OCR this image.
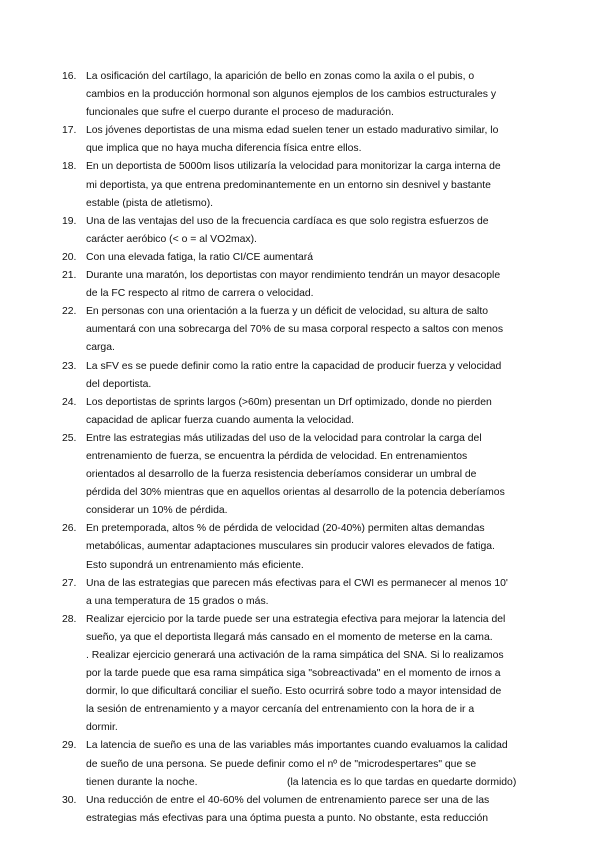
16. La osificación del cartílago, la aparición de bello en zonas como la axila o el pubis, o
cambios en la producción hormonal son algunos ejemplos de los cambios estructurales y
funcionales que sufre el cuerpo durante el proceso de maduración.
17. Los jóvenes deportistas de una misma edad suelen tener un estado madurativo similar, lo
que implica que no haya mucha diferencia física entre ellos.
18. En un deportista de 5000m lisos utilizaría la velocidad para monitorizar la carga interna de
mi deportista, ya que entrena predominantemente en un entorno sin desnivel y bastante
estable (pista de atletismo).
19. Una de las ventajas del uso de la frecuencia cardíaca es que solo registra esfuerzos de
carácter aeróbico (< o = al VO2max).
20. Con una elevada fatiga, la ratio CI/CE aumentará
21. Durante una maratón, los deportistas con mayor rendimiento tendrán un mayor desacople
de la FC respecto al ritmo de carrera o velocidad.
22. En personas con una orientación a la fuerza y un déficit de velocidad, su altura de salto
aumentará con una sobrecarga del 70% de su masa corporal respecto a saltos con menos
carga.
23. La sFV es se puede definir como la ratio entre la capacidad de producir fuerza y velocidad
del deportista.
24. Los deportistas de sprints largos (>60m) presentan un Drf optimizado, donde no pierden
capacidad de aplicar fuerza cuando aumenta la velocidad.
25. Entre las estrategias más utilizadas del uso de la velocidad para controlar la carga del
entrenamiento de fuerza, se encuentra la pérdida de velocidad. En entrenamientos
orientados al desarrollo de la fuerza resistencia deberíamos considerar un umbral de
pérdida del 30% mientras que en aquellos orientas al desarrollo de la potencia deberíamos
considerar un 10% de pérdida.
26. En pretemporada, altos % de pérdida de velocidad (20-40%) permiten altas demandas
metabólicas, aumentar adaptaciones musculares sin producir valores elevados de fatiga.
Esto supondrá un entrenamiento más eficiente.
27. Una de las estrategias que parecen más efectivas para el CWI es permanecer al menos 10'
a una temperatura de 15 grados o más.
28. Realizar ejercicio por la tarde puede ser una estrategia efectiva para mejorar la latencia del
sueño, ya que el deportista llegará más cansado en el momento de meterse en la cama.
. Realizar ejercicio generará una activación de la rama simpática del SNA. Si lo realizamos
por la tarde puede que esa rama simpática siga "sobreactivada" en el momento de irnos a
dormir, lo que dificultará conciliar el sueño. Esto ocurrirá sobre todo a mayor intensidad de
la sesión de entrenamiento y a mayor cercanía del entrenamiento con la hora de ir a
dormir.
29. La latencia de sueño es una de las variables más importantes cuando evaluamos la calidad
de sueño de una persona. Se puede definir como el nº de "microdespertares" que se
tienen durante la noche.                               (la latencia es lo que tardas en quedarte dormido)
30. Una reducción de entre el 40-60% del volumen de entrenamiento parece ser una de las
estrategias más efectivas para una óptima puesta a punto. No obstante, esta reducción
